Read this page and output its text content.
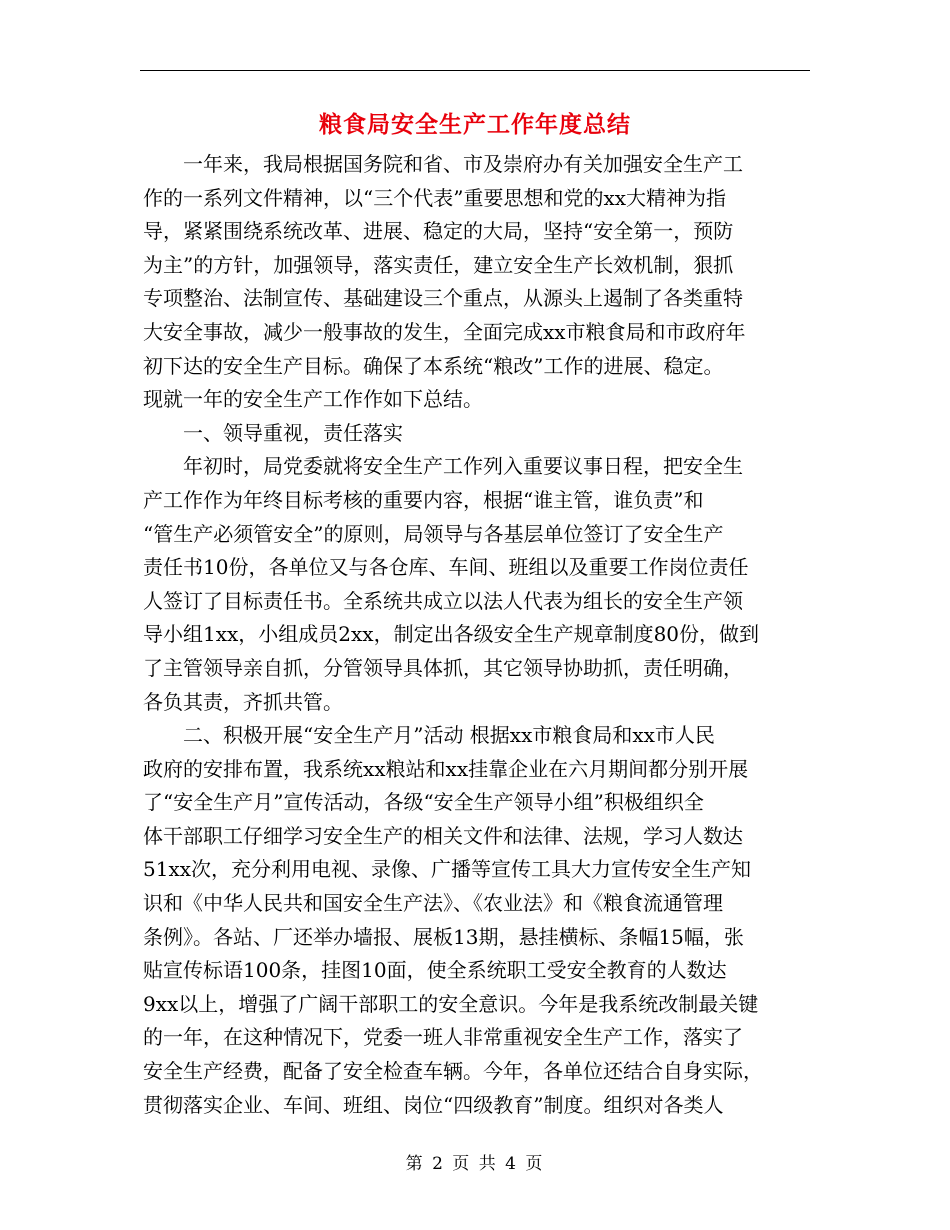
粮食局安全生产工作年度总结
　　一年来，我局根据国务院和省、市及崇府办有关加强安全生产工
作的一系列文件精神，以“三个代表”重要思想和党的xx大精神为指
导，紧紧围绕系统改革、进展、稳定的大局，坚持“安全第一，预防
为主”的方针，加强领导，落实责任，建立安全生产长效机制，狠抓
专项整治、法制宣传、基础建设三个重点，从源头上遏制了各类重特
大安全事故，减少一般事故的发生，全面完成xx市粮食局和市政府年
初下达的安全生产目标。确保了本系统“粮改”工作的进展、稳定。
现就一年的安全生产工作作如下总结。
　　一、领导重视，责任落实
　　年初时，局党委就将安全生产工作列入重要议事日程，把安全生
产工作作为年终目标考核的重要内容，根据“谁主管，谁负责”和
“管生产必须管安全”的原则，局领导与各基层单位签订了安全生产
责任书10份，各单位又与各仓库、车间、班组以及重要工作岗位责任
人签订了目标责任书。全系统共成立以法人代表为组长的安全生产领
导小组1xx，小组成员2xx，制定出各级安全生产规章制度80份，做到
了主管领导亲自抓，分管领导具体抓，其它领导协助抓，责任明确，
各负其责，齐抓共管。
　　二、积极开展“安全生产月”活动 根据xx市粮食局和xx市人民
政府的安排布置，我系统xx粮站和xx挂靠企业在六月期间都分别开展
了“安全生产月”宣传活动，各级“安全生产领导小组”积极组织全
体干部职工仔细学习安全生产的相关文件和法律、法规，学习人数达
51xx次，充分利用电视、录像、广播等宣传工具大力宣传安全生产知
识和《中华人民共和国安全生产法》、《农业法》和《粮食流通管理
条例》。各站、厂还举办墙报、展板13期，悬挂横标、条幅15幅，张
贴宣传标语100条，挂图10面，使全系统职工受安全教育的人数达
9xx以上，增强了广阔干部职工的安全意识。今年是我系统改制最关键
的一年，在这种情况下，党委一班人非常重视安全生产工作，落实了
安全生产经费，配备了安全检查车辆。今年，各单位还结合自身实际，
贯彻落实企业、车间、班组、岗位“四级教育”制度。组织对各类人
第 2 页 共 4 页
